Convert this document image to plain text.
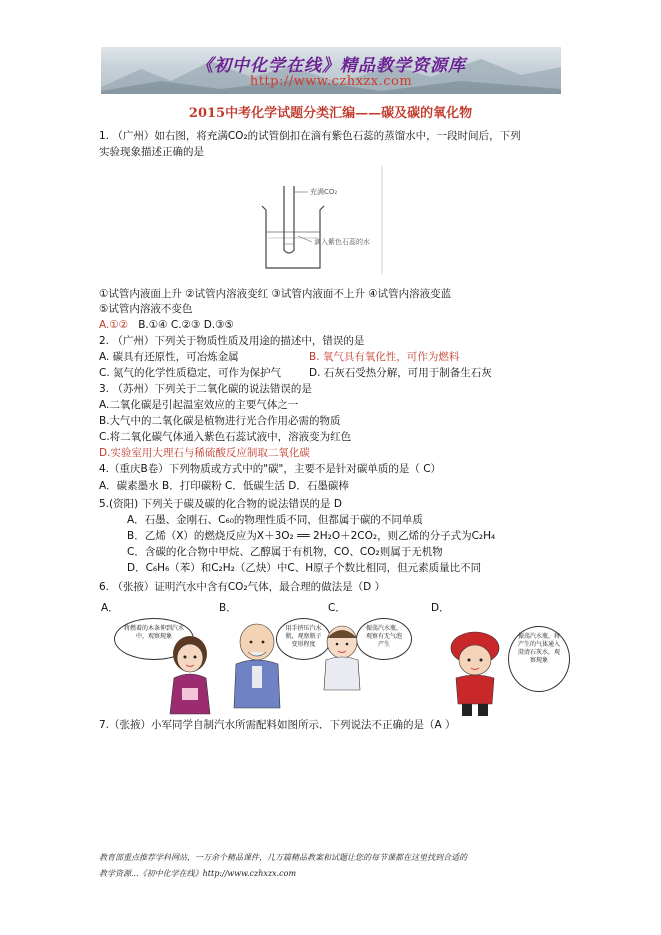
《初中化学在线》精品教学资源库
http://www.czhxzx.com
2015中考化学试题分类汇编——碳及碳的氧化物
1. （广州）如右图，将充满CO₂的试管倒扣在滴有紫色石蕊的蒸馏水中，一段时间后，下列
实验现象描述正确的是
充满CO₂
滴入紫色石蕊的水
①试管内液面上升 ②试管内溶液变红 ③试管内液面不上升 ④试管内溶液变蓝
⑤试管内溶液不变色
A.①② B.①④ C.②③ D.③⑤
2. （广州）下列关于物质性质及用途的描述中，错误的是
A. 碳具有还原性，可冶炼金属	B. 氧气具有氧化性，可作为燃料
C. 氮气的化学性质稳定，可作为保护气	D. 石灰石受热分解，可用于制备生石灰
3. （苏州）下列关于二氧化碳的说法错误的是
A.二氧化碳是引起温室效应的主要气体之一
B.大气中的二氧化碳是植物进行光合作用必需的物质
C.将二氧化碳气体通入紫色石蕊试液中，溶液变为红色
D.实验室用大理石与稀硫酸反应制取二氧化碳
4.（重庆B卷）下列物质或方式中的"碳"，主要不是针对碳单质的是（ C）
A．碳素墨水 B．打印碳粉 C．低碳生活 D．石墨碳棒
5.(资阳) 下列关于碳及碳的化合物的说法错误的是 D
A．石墨、金刚石、C₆₀的物理性质不同，但都属于碳的不同单质
B．乙烯（X）的燃烧反应为X＋3O₂ ══ 2H₂O＋2CO₂，则乙烯的分子式为C₂H₄
C．含碳的化合物中甲烷、乙醇属于有机物，CO、CO₂则属于无机物
D．C₆H₆（苯）和C₂H₂（乙炔）中C、H原子个数比相同，但元素质量比不同
6. （张掖）证明汽水中含有CO₂气体，最合理的做法是（D ）
A．	B．	C．	D．
将燃着的木条伸到汽水中，观察现象
用手挤压汽水瓶，观察瓶子变形程度
振荡汽水瓶，观察有无气泡产生
振荡汽水瓶，将产生的气体通入澄清石灰水，观察现象
7.（张掖）小军同学自制汽水所需配料如图所示．下列说法不正确的是（A ）
教育部重点推荐学科网站，一万余个精品课件，几万篇精品教案和试题让您的每节课都在这里找到合适的
教学资源...《初中化学在线》http://www.czhxzx.com
